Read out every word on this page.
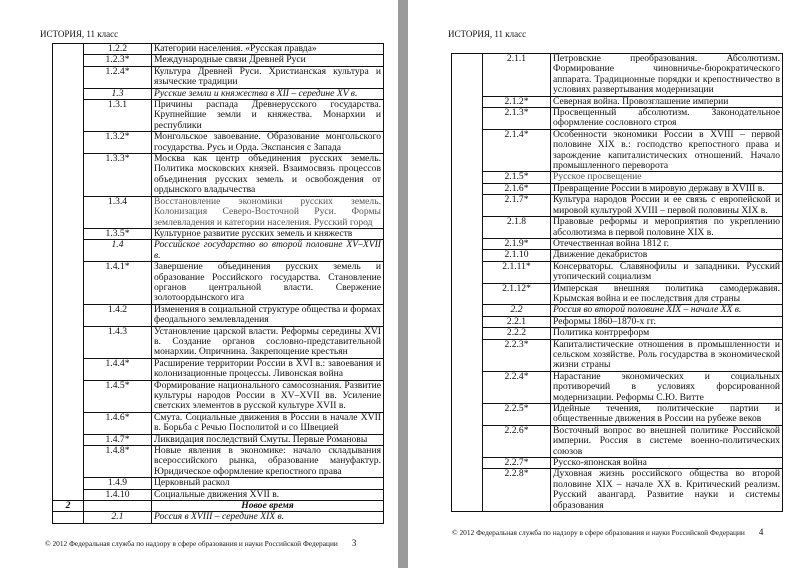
ИСТОРИЯ, 11 класс
	1.2.2	Категории населения. «Русская правда»
	1.2.3*	Международные связи Древней Руси
	1.2.4*	Культура Древней Руси. Христианская культура и языческие традиции
	1.3	Русские земли и княжества в XII – середине XV в.
	1.3.1	Причины распада Древнерусского государства. Крупнейшие земли и княжества. Монархии и республики
	1.3.2*	Монгольское завоевание. Образование монгольского государства. Русь и Орда. Экспансия с Запада
	1.3.3*	Москва как центр объединения русских земель. Политика московских князей. Взаимосвязь процессов объединения русских земель и освобождения от ордынского владычества
	1.3.4	Восстановление экономики русских земель. Колонизация Северо-Восточной Руси. Формы землевладения и категории населения. Русский город
	1.3.5*	Культурное развитие русских земель и княжеств
	1.4	Российское государство во второй половине XV–XVII в.
	1.4.1*	Завершение объединения русских земель и образование Российского государства. Становление органов центральной власти. Свержение золотоордынского ига
	1.4.2	Изменения в социальной структуре общества и формах феодального землевладения
	1.4.3	Установление царской власти. Реформы середины XVI в. Создание органов сословно-представительной монархии. Опричнина. Закрепощение крестьян
	1.4.4*	Расширение территории России в XVI в.: завоевания и колонизационные процессы. Ливонская война
	1.4.5*	Формирование национального самосознания. Развитие культуры народов России в XV–XVII вв. Усиление светских элементов в русской культуре XVII в.
	1.4.6*	Смута. Социальные движения в России в начале XVII в. Борьба с Речью Посполитой и со Швецией
	1.4.7*	Ликвидация последствий Смуты. Первые Романовы
	1.4.8*	Новые явления в экономике: начало складывания всероссийского рынка, образование мануфактур. Юридическое оформление крепостного права
	1.4.9	Церковный раскол
	1.4.10	Социальные движения XVII в.
2		Новое время
	2.1	Россия в XVIII – середине XIX в.
© 2012 Федеральная служба по надзору в сфере образования и науки Российской Федерации 3
ИСТОРИЯ, 11 класс
	2.1.1	Петровские преобразования. Абсолютизм. Формирование чиновничье-бюрократического аппарата. Традиционные порядки и крепостничество в условиях развертывания модернизации
	2.1.2*	Северная война. Провозглашение империи
	2.1.3*	Просвещенный абсолютизм. Законодательное оформление сословного строя
	2.1.4*	Особенности экономики России в XVIII – первой половине XIX в.: господство крепостного права и зарождение капиталистических отношений. Начало промышленного переворота
	2.1.5*	Русское просвещение
	2.1.6*	Превращение России в мировую державу в XVIII в.
	2.1.7*	Культура народов России и ее связь с европейской и мировой культурой XVIII – первой половины XIX в.
	2.1.8	Правовые реформы и мероприятия по укреплению абсолютизма в первой половине XIX в.
	2.1.9*	Отечественная война 1812 г.
	2.1.10	Движение декабристов
	2.1.11*	Консерваторы. Славянофилы и западники. Русский утопический социализм
	2.1.12*	Имперская внешняя политика самодержавия. Крымская война и ее последствия для страны
	2.2	Россия во второй половине XIX – начале XX в.
	2.2.1	Реформы 1860–1870-х гг.
	2.2.2	Политика контрреформ
	2.2.3*	Капиталистические отношения в промышленности и сельском хозяйстве. Роль государства в экономической жизни страны
	2.2.4*	Нарастание экономических и социальных противоречий в условиях форсированной модернизации. Реформы С.Ю. Витте
	2.2.5*	Идейные течения, политические партии и общественные движения в России на рубеже веков
	2.2.6*	Восточный вопрос во внешней политике Российской империи. Россия в системе военно-политических союзов
	2.2.7*	Русско-японская война
	2.2.8*	Духовная жизнь российского общества во второй половине XIX – начале XX в. Критический реализм. Русский авангард. Развитие науки и системы образования
© 2012 Федеральная служба по надзору в сфере образования и науки Российской Федерации 4
